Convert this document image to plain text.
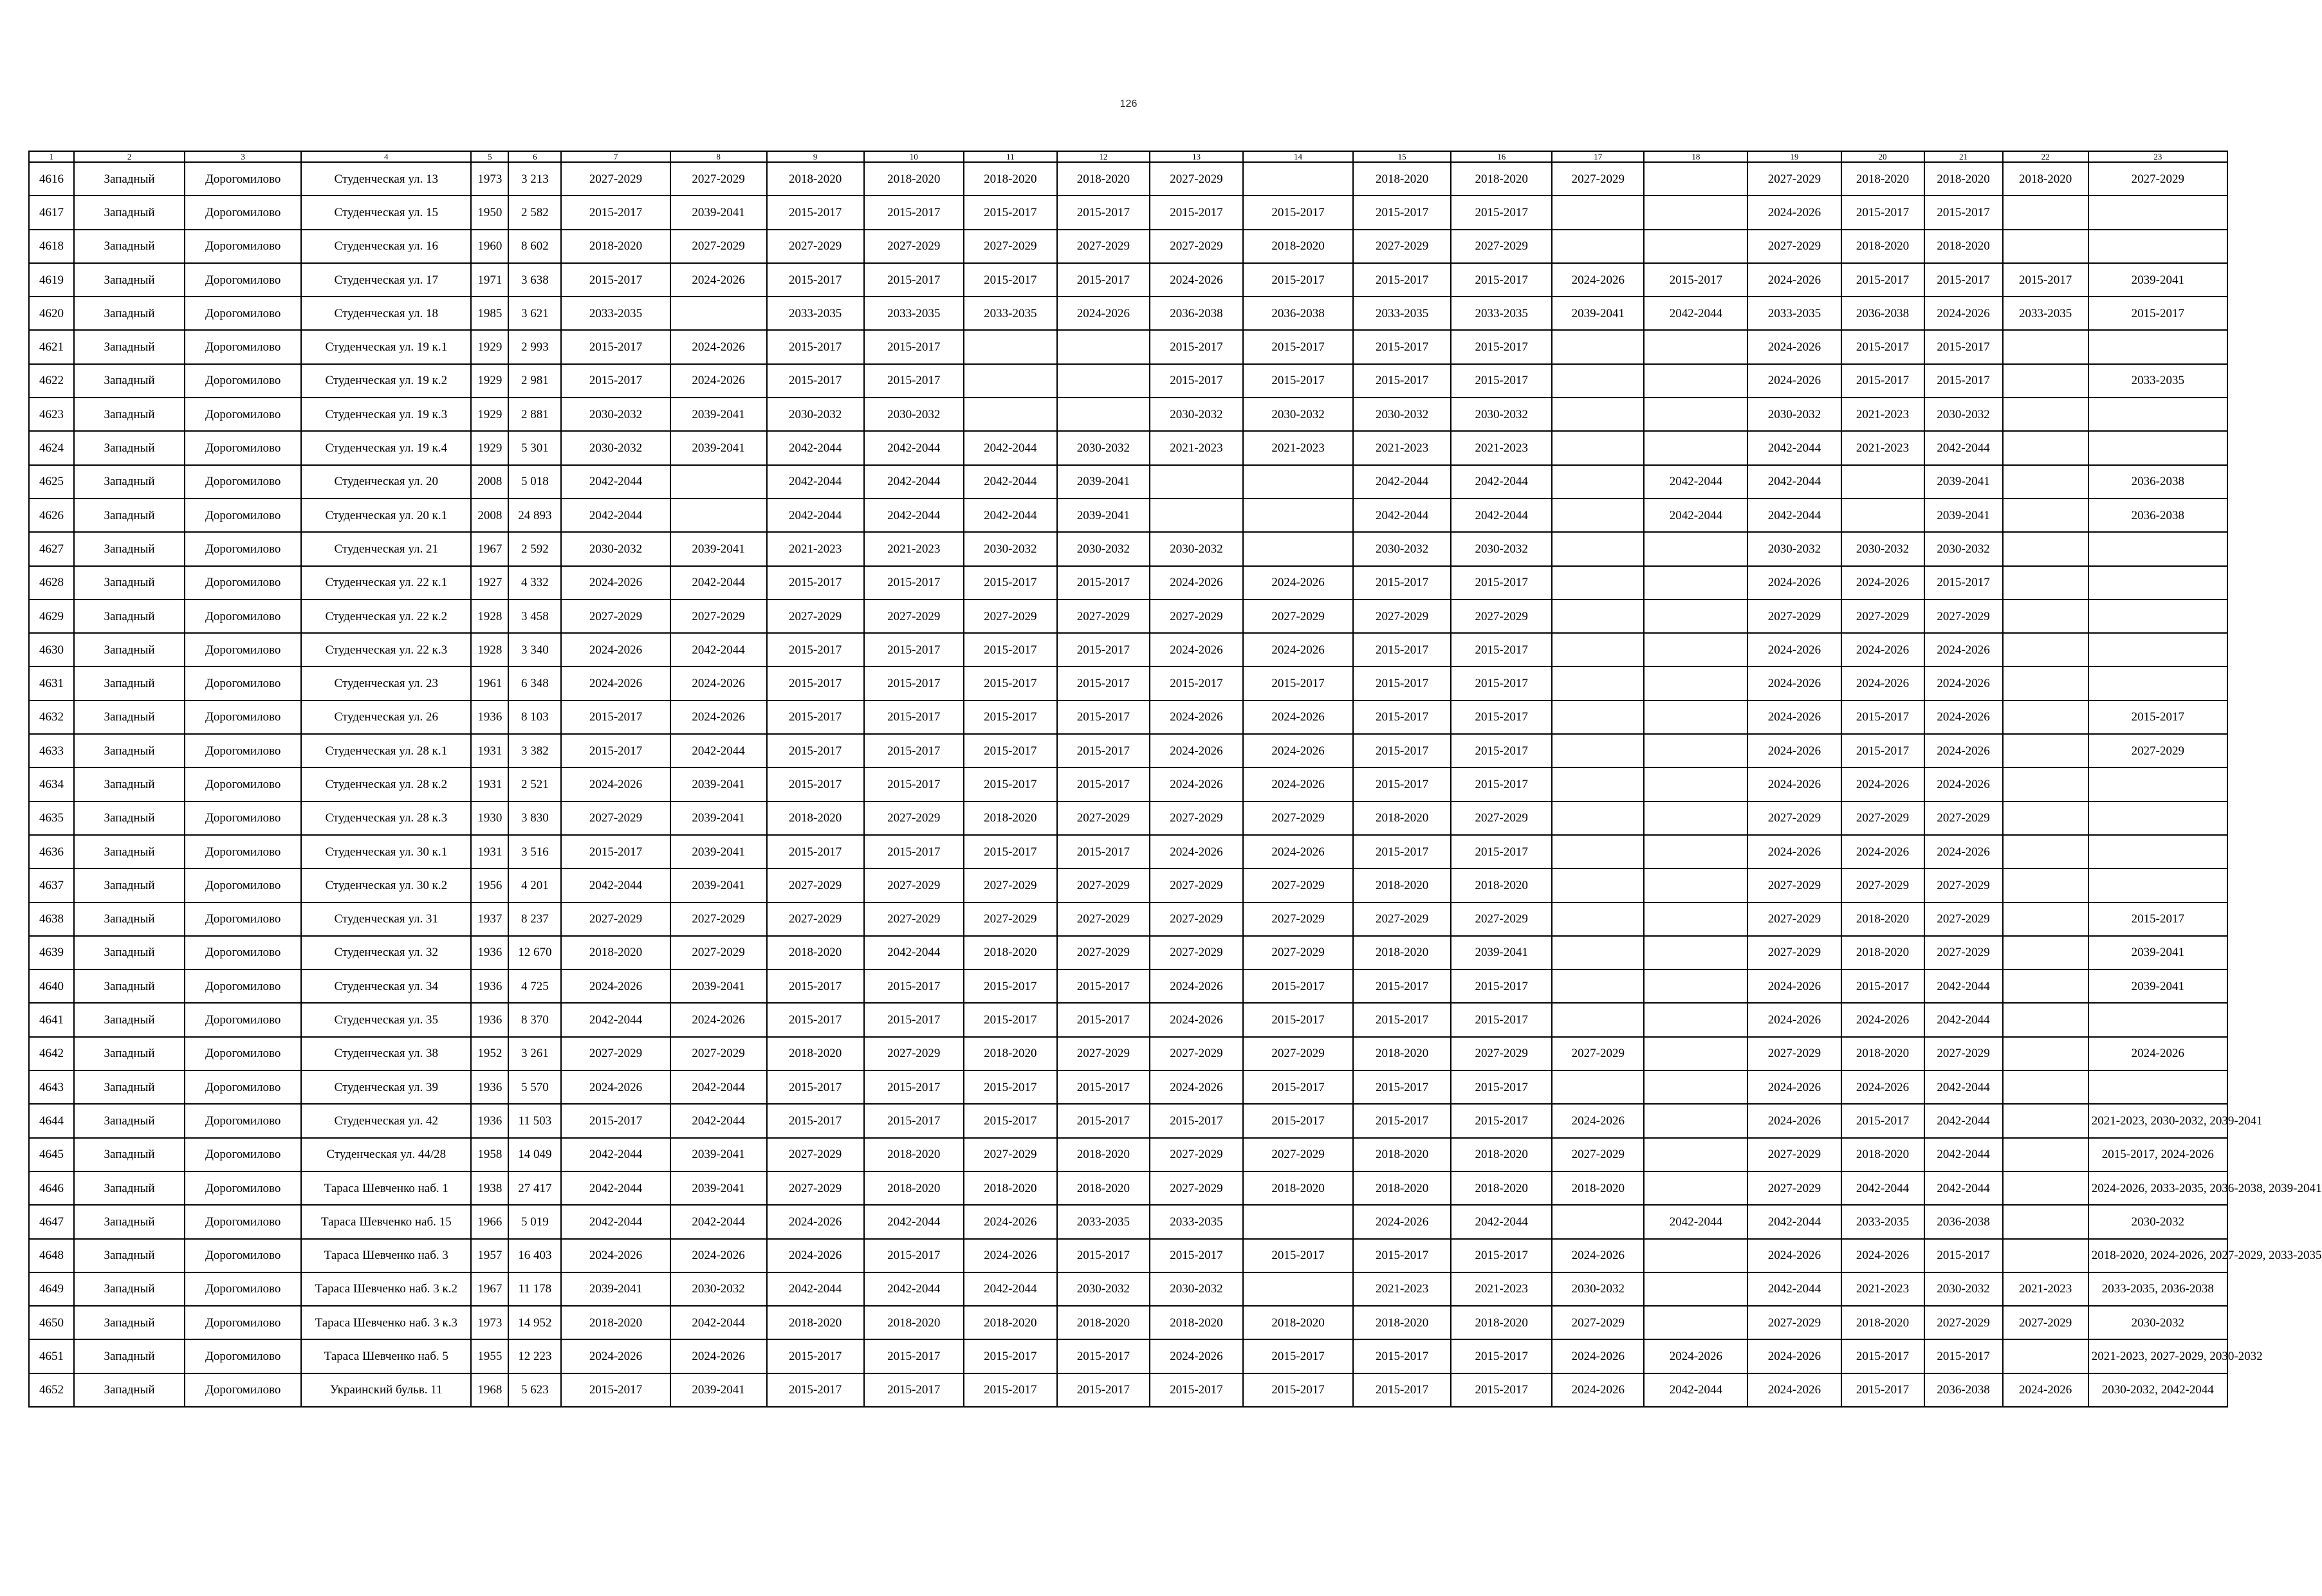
126
1	2	3	4	5	6	7	8	9	10	11	12	13	14	15	16	17	18	19	20	21	22	23
4616	Западный	Дорогомилово	Студенческая ул. 13	1973	3 213	2027-2029	2027-2029	2018-2020	2018-2020	2018-2020	2018-2020	2027-2029		2018-2020	2018-2020	2027-2029		2027-2029	2018-2020	2018-2020	2018-2020	2027-2029
4617	Западный	Дорогомилово	Студенческая ул. 15	1950	2 582	2015-2017	2039-2041	2015-2017	2015-2017	2015-2017	2015-2017	2015-2017	2015-2017	2015-2017	2015-2017			2024-2026	2015-2017	2015-2017		
4618	Западный	Дорогомилово	Студенческая ул. 16	1960	8 602	2018-2020	2027-2029	2027-2029	2027-2029	2027-2029	2027-2029	2027-2029	2018-2020	2027-2029	2027-2029			2027-2029	2018-2020	2018-2020		
4619	Западный	Дорогомилово	Студенческая ул. 17	1971	3 638	2015-2017	2024-2026	2015-2017	2015-2017	2015-2017	2015-2017	2024-2026	2015-2017	2015-2017	2015-2017	2024-2026	2015-2017	2024-2026	2015-2017	2015-2017	2015-2017	2039-2041
4620	Западный	Дорогомилово	Студенческая ул. 18	1985	3 621	2033-2035		2033-2035	2033-2035	2033-2035	2024-2026	2036-2038	2036-2038	2033-2035	2033-2035	2039-2041	2042-2044	2033-2035	2036-2038	2024-2026	2033-2035	2015-2017
4621	Западный	Дорогомилово	Студенческая ул. 19 к.1	1929	2 993	2015-2017	2024-2026	2015-2017	2015-2017			2015-2017	2015-2017	2015-2017	2015-2017			2024-2026	2015-2017	2015-2017		
4622	Западный	Дорогомилово	Студенческая ул. 19 к.2	1929	2 981	2015-2017	2024-2026	2015-2017	2015-2017			2015-2017	2015-2017	2015-2017	2015-2017			2024-2026	2015-2017	2015-2017		2033-2035
4623	Западный	Дорогомилово	Студенческая ул. 19 к.3	1929	2 881	2030-2032	2039-2041	2030-2032	2030-2032			2030-2032	2030-2032	2030-2032	2030-2032			2030-2032	2021-2023	2030-2032		
4624	Западный	Дорогомилово	Студенческая ул. 19 к.4	1929	5 301	2030-2032	2039-2041	2042-2044	2042-2044	2042-2044	2030-2032	2021-2023	2021-2023	2021-2023	2021-2023			2042-2044	2021-2023	2042-2044		
4625	Западный	Дорогомилово	Студенческая ул. 20	2008	5 018	2042-2044		2042-2044	2042-2044	2042-2044	2039-2041			2042-2044	2042-2044		2042-2044	2042-2044		2039-2041		2036-2038
4626	Западный	Дорогомилово	Студенческая ул. 20 к.1	2008	24 893	2042-2044		2042-2044	2042-2044	2042-2044	2039-2041			2042-2044	2042-2044		2042-2044	2042-2044		2039-2041		2036-2038
4627	Западный	Дорогомилово	Студенческая ул. 21	1967	2 592	2030-2032	2039-2041	2021-2023	2021-2023	2030-2032	2030-2032	2030-2032		2030-2032	2030-2032			2030-2032	2030-2032	2030-2032		
4628	Западный	Дорогомилово	Студенческая ул. 22 к.1	1927	4 332	2024-2026	2042-2044	2015-2017	2015-2017	2015-2017	2015-2017	2024-2026	2024-2026	2015-2017	2015-2017			2024-2026	2024-2026	2015-2017		
4629	Западный	Дорогомилово	Студенческая ул. 22 к.2	1928	3 458	2027-2029	2027-2029	2027-2029	2027-2029	2027-2029	2027-2029	2027-2029	2027-2029	2027-2029	2027-2029			2027-2029	2027-2029	2027-2029		
4630	Западный	Дорогомилово	Студенческая ул. 22 к.3	1928	3 340	2024-2026	2042-2044	2015-2017	2015-2017	2015-2017	2015-2017	2024-2026	2024-2026	2015-2017	2015-2017			2024-2026	2024-2026	2024-2026		
4631	Западный	Дорогомилово	Студенческая ул. 23	1961	6 348	2024-2026	2024-2026	2015-2017	2015-2017	2015-2017	2015-2017	2015-2017	2015-2017	2015-2017	2015-2017			2024-2026	2024-2026	2024-2026		
4632	Западный	Дорогомилово	Студенческая ул. 26	1936	8 103	2015-2017	2024-2026	2015-2017	2015-2017	2015-2017	2015-2017	2024-2026	2024-2026	2015-2017	2015-2017			2024-2026	2015-2017	2024-2026		2015-2017
4633	Западный	Дорогомилово	Студенческая ул. 28 к.1	1931	3 382	2015-2017	2042-2044	2015-2017	2015-2017	2015-2017	2015-2017	2024-2026	2024-2026	2015-2017	2015-2017			2024-2026	2015-2017	2024-2026		2027-2029
4634	Западный	Дорогомилово	Студенческая ул. 28 к.2	1931	2 521	2024-2026	2039-2041	2015-2017	2015-2017	2015-2017	2015-2017	2024-2026	2024-2026	2015-2017	2015-2017			2024-2026	2024-2026	2024-2026		
4635	Западный	Дорогомилово	Студенческая ул. 28 к.3	1930	3 830	2027-2029	2039-2041	2018-2020	2027-2029	2018-2020	2027-2029	2027-2029	2027-2029	2018-2020	2027-2029			2027-2029	2027-2029	2027-2029		
4636	Западный	Дорогомилово	Студенческая ул. 30 к.1	1931	3 516	2015-2017	2039-2041	2015-2017	2015-2017	2015-2017	2015-2017	2024-2026	2024-2026	2015-2017	2015-2017			2024-2026	2024-2026	2024-2026		
4637	Западный	Дорогомилово	Студенческая ул. 30 к.2	1956	4 201	2042-2044	2039-2041	2027-2029	2027-2029	2027-2029	2027-2029	2027-2029	2027-2029	2018-2020	2018-2020			2027-2029	2027-2029	2027-2029		
4638	Западный	Дорогомилово	Студенческая ул. 31	1937	8 237	2027-2029	2027-2029	2027-2029	2027-2029	2027-2029	2027-2029	2027-2029	2027-2029	2027-2029	2027-2029			2027-2029	2018-2020	2027-2029		2015-2017
4639	Западный	Дорогомилово	Студенческая ул. 32	1936	12 670	2018-2020	2027-2029	2018-2020	2042-2044	2018-2020	2027-2029	2027-2029	2027-2029	2018-2020	2039-2041			2027-2029	2018-2020	2027-2029		2039-2041
4640	Западный	Дорогомилово	Студенческая ул. 34	1936	4 725	2024-2026	2039-2041	2015-2017	2015-2017	2015-2017	2015-2017	2024-2026	2015-2017	2015-2017	2015-2017			2024-2026	2015-2017	2042-2044		2039-2041
4641	Западный	Дорогомилово	Студенческая ул. 35	1936	8 370	2042-2044	2024-2026	2015-2017	2015-2017	2015-2017	2015-2017	2024-2026	2015-2017	2015-2017	2015-2017			2024-2026	2024-2026	2042-2044		
4642	Западный	Дорогомилово	Студенческая ул. 38	1952	3 261	2027-2029	2027-2029	2018-2020	2027-2029	2018-2020	2027-2029	2027-2029	2027-2029	2018-2020	2027-2029	2027-2029		2027-2029	2018-2020	2027-2029		2024-2026
4643	Западный	Дорогомилово	Студенческая ул. 39	1936	5 570	2024-2026	2042-2044	2015-2017	2015-2017	2015-2017	2015-2017	2024-2026	2015-2017	2015-2017	2015-2017			2024-2026	2024-2026	2042-2044		
4644	Западный	Дорогомилово	Студенческая ул. 42	1936	11 503	2015-2017	2042-2044	2015-2017	2015-2017	2015-2017	2015-2017	2015-2017	2015-2017	2015-2017	2015-2017	2024-2026		2024-2026	2015-2017	2042-2044		2021-2023, 2030-2032, 2039-2041
4645	Западный	Дорогомилово	Студенческая ул. 44/28	1958	14 049	2042-2044	2039-2041	2027-2029	2018-2020	2027-2029	2018-2020	2027-2029	2027-2029	2018-2020	2018-2020	2027-2029		2027-2029	2018-2020	2042-2044		2015-2017, 2024-2026
4646	Западный	Дорогомилово	Тараса Шевченко наб. 1	1938	27 417	2042-2044	2039-2041	2027-2029	2018-2020	2018-2020	2018-2020	2027-2029	2018-2020	2018-2020	2018-2020	2018-2020		2027-2029	2042-2044	2042-2044		2024-2026, 2033-2035, 2036-2038, 2039-2041
4647	Западный	Дорогомилово	Тараса Шевченко наб. 15	1966	5 019	2042-2044	2042-2044	2024-2026	2042-2044	2024-2026	2033-2035	2033-2035		2024-2026	2042-2044		2042-2044	2042-2044	2033-2035	2036-2038		2030-2032
4648	Западный	Дорогомилово	Тараса Шевченко наб. 3	1957	16 403	2024-2026	2024-2026	2024-2026	2015-2017	2024-2026	2015-2017	2015-2017	2015-2017	2015-2017	2015-2017	2024-2026		2024-2026	2024-2026	2015-2017		2018-2020, 2024-2026, 2027-2029, 2033-2035
4649	Западный	Дорогомилово	Тараса Шевченко наб. 3 к.2	1967	11 178	2039-2041	2030-2032	2042-2044	2042-2044	2042-2044	2030-2032	2030-2032		2021-2023	2021-2023	2030-2032		2042-2044	2021-2023	2030-2032	2021-2023	2033-2035, 2036-2038
4650	Западный	Дорогомилово	Тараса Шевченко наб. 3 к.3	1973	14 952	2018-2020	2042-2044	2018-2020	2018-2020	2018-2020	2018-2020	2018-2020	2018-2020	2018-2020	2018-2020	2027-2029		2027-2029	2018-2020	2027-2029	2027-2029	2030-2032
4651	Западный	Дорогомилово	Тараса Шевченко наб. 5	1955	12 223	2024-2026	2024-2026	2015-2017	2015-2017	2015-2017	2015-2017	2024-2026	2015-2017	2015-2017	2015-2017	2024-2026	2024-2026	2024-2026	2015-2017	2015-2017		2021-2023, 2027-2029, 2030-2032
4652	Западный	Дорогомилово	Украинский бульв. 11	1968	5 623	2015-2017	2039-2041	2015-2017	2015-2017	2015-2017	2015-2017	2015-2017	2015-2017	2015-2017	2015-2017	2024-2026	2042-2044	2024-2026	2015-2017	2036-2038	2024-2026	2030-2032, 2042-2044
